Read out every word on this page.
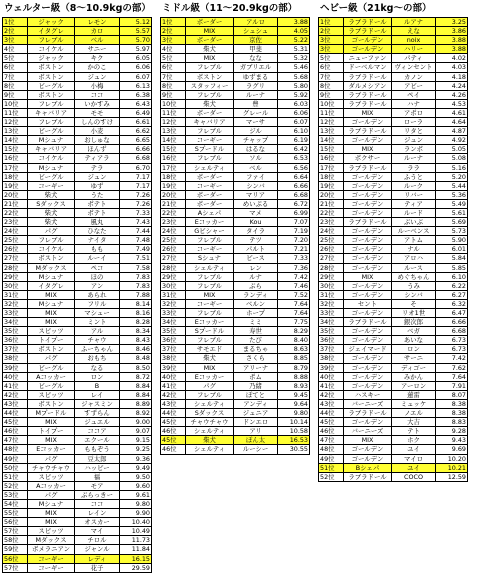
ウェルター級（8～10.9kgの部）
1位	ジャック	レモン	5.12
2位	イタグレ	カロ	5.57
3位	フレブル	ベル	5.70
4位	コイケル	サニー	5.97
5位	ジャック	キク	6.05
6位	ボストン	かのこ	6.06
7位	ボストン	ジュン	6.07
8位	ビーグル	小梅	6.13
9位	ボストン	ココ	6.38
10位	フレブル	いかすみ	6.43
11位	キャバリア	モモ	6.49
12位	フレブル	しんのすけ	6.61
13位	ビーグル	小麦	6.62
14位	Mシュナ	おしゅな	6.65
15位	キャバリア	ほんず	6.66
16位	コイケル	ティアラ	6.68
17位	Mシュナ	テラ	6.70
18位	ビーグル	ジュン	7.17
19位	コーギー	ゆず	7.17
20位	柴犬	うた	7.26
21位	Sダックス	ポテト	7.26
22位	柴犬	ポテト	7.33
23位	柴犬	風丸	7.43
24位	パグ	ひなた	7.44
25位	フレブル	ナイタ	7.48
26位	コイケル	もも	7.49
27位	ボストン	ルーイ	7.51
28位	Mダックス	ペコ	7.58
29位	Mシュナ	ほの	7.83
30位	イタグレ	アン	7.83
31位	MIX	あられ	7.88
32位	Mシュナ	フリル	8.14
33位	MIX	マシュー	8.16
34位	MIX	ミント	8.28
35位	スピッツ	アル	8.34
36位	トイプー	チャウ	8.43
37位	ボストン	ふーちゃん	8.46
38位	パグ	おもち	8.48
39位	ビーグル	なる	8.50
40位	Aコッカー	ロン	8.72
41位	ビーグル	B	8.84
42位	スピッツ	レイ	8.84
43位	ボストン	ジャスミン	8.89
44位	Mプードル	すずらん	8.92
45位	MIX	ジュエル	9.00
46位	トイプー	ココア	9.07
47位	MIX	エクール	9.15
48位	Eコッカー	ももぞう	9.25
49位	パグ	豆太郎	9.36
50位	チャウチャウ	ハッピー	9.49
51位	スピッツ	福	9.50
52位	Aコッカー	モア	9.60
53位	パグ	ぶらっきー	9.61
54位	Mシュナ	ココ	9.80
55位	MIX	レイン	9.90
56位	MIX	オスカー	10.40
57位	スピッツ	マイ	10.49
58位	Mダックス	チロル	11.73
59位	ボメラニアン	ジャンル	11.84
56位	コーギー	レディ	16.15
57位	コーギー	花子	29.59
ミドル級（11～20.9kgの部）
1位	ボーダー	アルロ	3.88
2位	MIX	シュシュ	4.05
3位	ボーダー	京佐	5.22
4位	柴犬	甲斐	5.31
5位	MIX	なな	5.32
6位	フレブル	ガブリエル	5.46
7位	ボストン	ゆずまる	5.68
8位	スタッフィー	ラグリ	5.80
9位	フレブル	ルーナ	5.92
10位	柴犬	豊	6.03
11位	ボーダー	グレール	6.06
12位	キャバリア	マーサ	6.07
13位	フレブル	ジル	6.10
14位	コーギー	チャップ	6.19
15位	Sプードル	はるな	6.42
16位	フレブル	ソル	6.53
17位	シェルティ	ベル	6.56
18位	ボーダー	ファイ	6.64
19位	コーギー	シンバ	6.66
20位	ボーダー	マリア	6.68
21位	ボーダー	めいぷる	6.72
22位	Aシェパ	マメ	6.99
23位	Eコッカー	Kou	7.07
24位	Gビシャー	タイラ	7.19
25位	フレブル	テツ	7.20
26位	コーギー	パルト	7.21
27位	Sシュナ	ピース	7.33
28位	シェルティ	レン	7.36
29位	フレブル	ルナ	7.42
30位	フレブル	ぶら	7.46
31位	MIX	ランディ	7.52
32位	コーギー	ベルン	7.64
33位	フレブル	ホープ	7.64
34位	Eコッカー	ミミ	7.75
35位	Sプードル	寿世	8.29
36位	フレブル	たび	8.40
37位	サモエド	まるちゃ	8.63
38位	柴犬	さくら	8.85
39位	MIX	アリーナ	8.79
40位	Eコッカー	ポム	8.88
41位	パグ	乃緒	8.93
42位	フレブル	ぽてと	9.45
43位	シェルティ	アンディ	9.64
44位	Sダックス	ジュニア	9.80
45位	チャウチャウ	ドンエロ	10.14
46位	シェルティ	アリ	10.58
45位	柴犬	ぽん太	16.53
46位	シェルティ	ルーシー	30.55
ヘビー級（21kg～の部）
1位	ラブラドール	ルアナ	3.25
2位	ラブラドール	えな	3.86
3位	ゴールデン	noix	3.88
3位	ゴールデン	ハリー	3.88
5位	ニューファン	パティ	4.02
6位	ドーベルマン	ヴィンセント	4.03
7位	ラブラドール	カノン	4.18
8位	ダルメシアン	アビー	4.24
9位	ラブラドール	ペイ	4.26
10位	ラブラドール	ハナ	4.53
11位	MIX	アポロ	4.61
12位	ゴールデン	ローラ	4.64
13位	ラブラドール	リタと	4.87
14位	ゴールデン	ジュン	4.92
15位	MIX	ランボ	5.05
16位	ボクサー	ルーナ	5.08
17位	ラブラドール	ララ	5.16
18位	ゴールデン	ふうと	5.20
19位	ゴールデン	ルーク	5.44
20位	ゴールデン	リバー	5.36
21位	ゴールデン	ティア	5.49
22位	ゴールデン	ルード	5.61
23位	ラブラドール	ぶいぶ	5.69
24位	ゴールデン	ルーベンス	5.73
25位	ゴールデン	アトム	5.90
26位	ゴールデン	ナル	6.01
27位	ゴールデン	アロハ	5.84
28位	ゴールデン	ルース	5.85
29位	MIX	めぐちゃん	6.10
30位	ゴールデン	うみ	6.22
31位	ゴールデン	シンバ	6.27
32位	セント	そ	6.32
33位	ゴールデン	リオ1世	6.47
34位	ラブラドール	銀次郎	6.66
35位	ゴールデン	ベガ	6.68
36位	ゴールデン	あいな	6.73
37位	ジェイマード	ロン	6.73
38位	ゴールデン	サーニ	7.42
39位	ゴールデン	ディゴー	7.62
40位	ゴールデン	みかん	7.64
41位	ゴールデン	アーロン	7.91
42位	ハスキー	蓮雷	8.07
43位	バーニーズ	ミュッケ	8.38
44位	ラブラドール	ノエル	8.38
45位	ゴールデン	大吉	8.83
46位	バーニーズ	テト	9.28
47位	MIX	ホク	9.43
48位	ゴールデン	ユイ	9.69
49位	ゴールデン	マイロ	10.20
51位	Bシェパ	ユイ	10.21
52位	ラブラドール	COCO	12.59
